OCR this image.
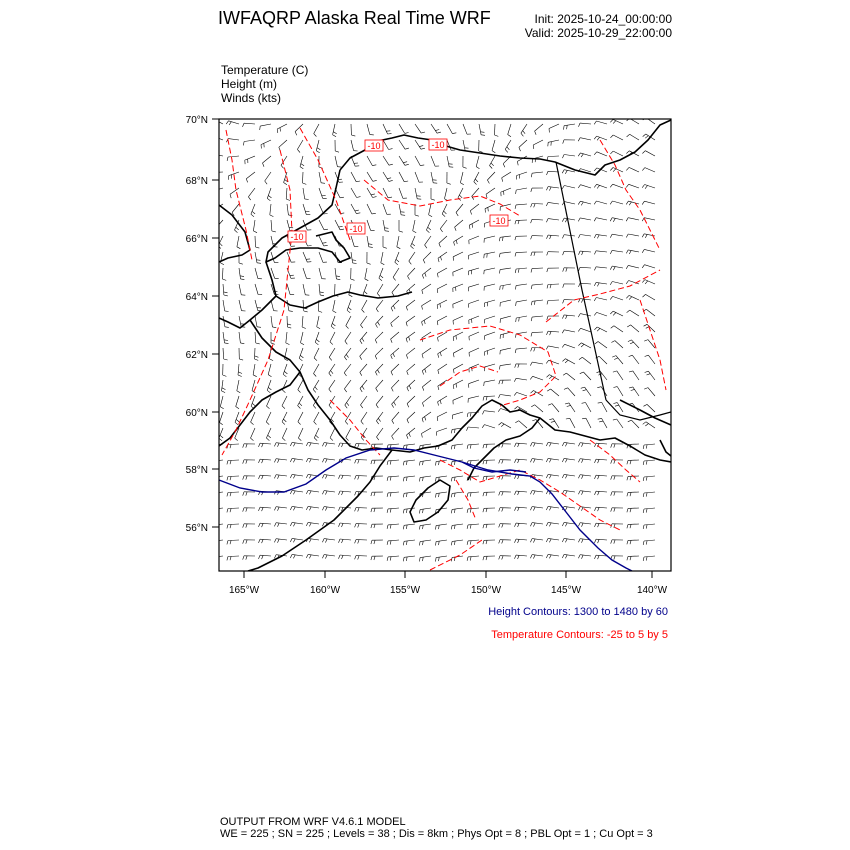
IWFAQRP Alaska Real Time WRF	Init: 2025-10-24_00:00:00
Valid: 2025-10-29_22:00:00
Temperature (C)
Height (m)
Winds (kts)
-10
-10
-10
-10
-10
70°N
68°N
66°N
64°N
62°N
60°N
58°N
56°N
165°W	160°W	155°W	150°W	145°W	140°W
Height Contours: 1300 to 1480 by 60
Temperature Contours: -25 to 5 by 5
OUTPUT FROM WRF V4.6.1 MODEL
WE = 225 ; SN = 225 ; Levels = 38 ; Dis = 8km ; Phys Opt = 8 ; PBL Opt = 1 ; Cu Opt = 3
